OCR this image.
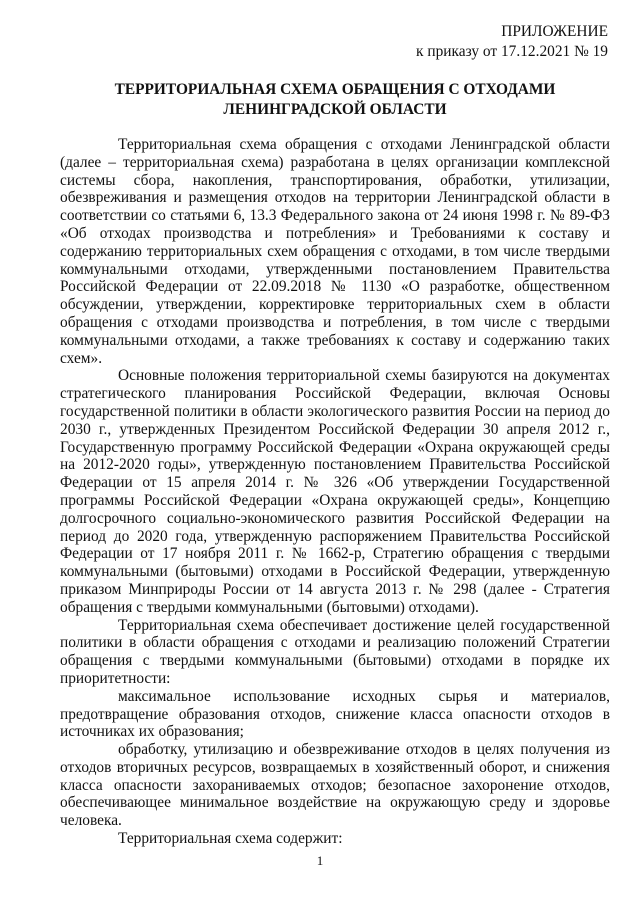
ПРИЛОЖЕНИЕ
к приказу от 17.12.2021 № 19
ТЕРРИТОРИАЛЬНАЯ СХЕМА ОБРАЩЕНИЯ С ОТХОДАМИ
ЛЕНИНГРАДСКОЙ ОБЛАСТИ

Территориальная схема обращения с отходами Ленинградской области (далее – территориальная схема) разработана в целях организации комплексной системы сбора, накопления, транспортирования, обработки, утилизации, обезвреживания и размещения отходов на территории Ленинградской области в соответствии со статьями 6, 13.3 Федерального закона от 24 июня 1998 г. № 89-ФЗ «Об отходах производства и потребления» и Требованиями к составу и содержанию территориальных схем обращения с отходами, в том числе твердыми коммунальными отходами, утвержденными постановлением Правительства Российской Федерации от 22.09.2018 № 1130 «О разработке, общественном обсуждении, утверждении, корректировке территориальных схем в области обращения с отходами производства и потребления, в том числе с твердыми коммунальными отходами, а также требованиях к составу и содержанию таких схем».

Основные положения территориальной схемы базируются на документах стратегического планирования Российской Федерации, включая Основы государственной политики в области экологического развития России на период до 2030 г., утвержденных Президентом Российской Федерации 30 апреля 2012 г., Государственную программу Российской Федерации «Охрана окружающей среды на 2012-2020 годы», утвержденную постановлением Правительства Российской Федерации от 15 апреля 2014 г. № 326 «Об утверждении Государственной программы Российской Федерации «Охрана окружающей среды», Концепцию долгосрочного социально-экономического развития Российской Федерации на период до 2020 года, утвержденную распоряжением Правительства Российской Федерации от 17 ноября 2011 г. № 1662-р, Стратегию обращения с твердыми коммунальными (бытовыми) отходами в Российской Федерации, утвержденную приказом Минприроды России от 14 августа 2013 г. № 298 (далее - Стратегия обращения с твердыми коммунальными (бытовыми) отходами).

Территориальная схема обеспечивает достижение целей государственной политики в области обращения с отходами и реализацию положений Стратегии обращения с твердыми коммунальными (бытовыми) отходами в порядке их приоритетности:

максимальное использование исходных сырья и материалов, предотвращение образования отходов, снижение класса опасности отходов в источниках их образования;

обработку, утилизацию и обезвреживание отходов в целях получения из отходов вторичных ресурсов, возвращаемых в хозяйственный оборот, и снижения класса опасности захораниваемых отходов; безопасное захоронение отходов, обеспечивающее минимальное воздействие на окружающую среду и здоровье человека.

Территориальная схема содержит:

1
